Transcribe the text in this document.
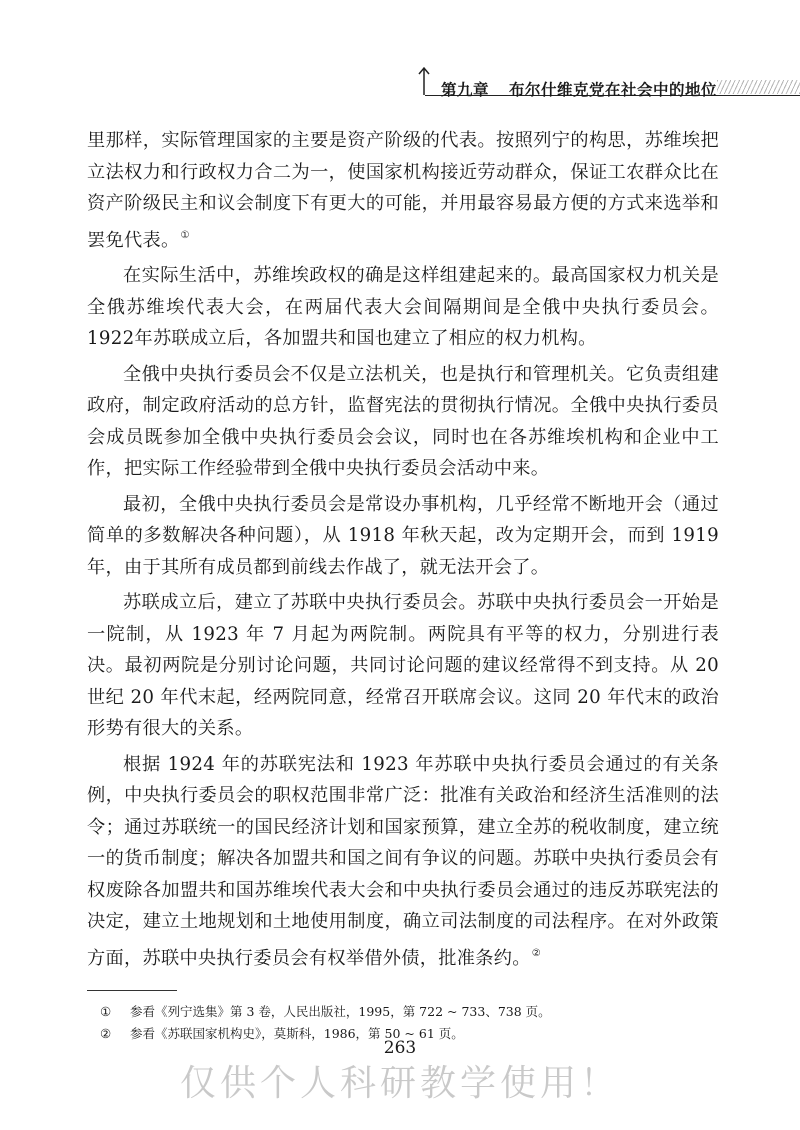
第九章 布尔什维克党在社会中的地位

里那样，实际管理国家的主要是资产阶级的代表。按照列宁的构思，苏维埃把立法权力和行政权力合二为一，使国家机构接近劳动群众，保证工农群众比在资产阶级民主和议会制度下有更大的可能，并用最容易最方便的方式来选举和罢免代表。①

在实际生活中，苏维埃政权的确是这样组建起来的。最高国家权力机关是全俄苏维埃代表大会，在两届代表大会间隔期间是全俄中央执行委员会。1922年苏联成立后，各加盟共和国也建立了相应的权力机构。

全俄中央执行委员会不仅是立法机关，也是执行和管理机关。它负责组建政府，制定政府活动的总方针，监督宪法的贯彻执行情况。全俄中央执行委员会成员既参加全俄中央执行委员会会议，同时也在各苏维埃机构和企业中工作，把实际工作经验带到全俄中央执行委员会活动中来。

最初，全俄中央执行委员会是常设办事机构，几乎经常不断地开会（通过简单的多数解决各种问题），从 1918 年秋天起，改为定期开会，而到 1919 年，由于其所有成员都到前线去作战了，就无法开会了。

苏联成立后，建立了苏联中央执行委员会。苏联中央执行委员会一开始是一院制，从 1923 年 7 月起为两院制。两院具有平等的权力，分别进行表决。最初两院是分别讨论问题，共同讨论问题的建议经常得不到支持。从 20 世纪 20 年代末起，经两院同意，经常召开联席会议。这同 20 年代末的政治形势有很大的关系。

根据 1924 年的苏联宪法和 1923 年苏联中央执行委员会通过的有关条例，中央执行委员会的职权范围非常广泛：批准有关政治和经济生活准则的法令；通过苏联统一的国民经济计划和国家预算，建立全苏的税收制度，建立统一的货币制度；解决各加盟共和国之间有争议的问题。苏联中央执行委员会有权废除各加盟共和国苏维埃代表大会和中央执行委员会通过的违反苏联宪法的决定，建立土地规划和土地使用制度，确立司法制度的司法程序。在对外政策方面，苏联中央执行委员会有权举借外债，批准条约。②

① 参看《列宁选集》第 3 卷，人民出版社，1995，第 722 ~ 733、738 页。
② 参看《苏联国家机构史》，莫斯科，1986，第 50 ~ 61 页。
263
仅供个人科研教学使用！
